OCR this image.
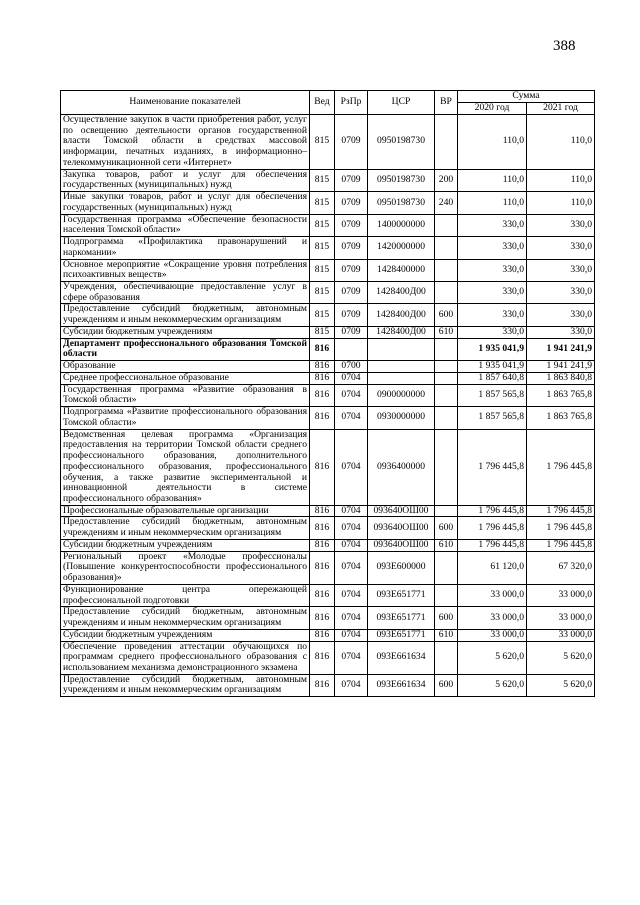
388
Наименование показателей	Вед	РзПр	ЦСР	ВР	Сумма	
					2020 год	2021 год
Осуществление закупок в части приобретения работ, услуг по освещению деятельности органов государственной власти Томской области в средствах массовой информации, печатных изданиях, в информационно–телекоммуникационной сети «Интернет»	815	0709	0950198730		110,0	110,0
Закупка товаров, работ и услуг для обеспечения государственных (муниципальных) нужд	815	0709	0950198730	200	110,0	110,0
Иные закупки товаров, работ и услуг для обеспечения государственных (муниципальных) нужд	815	0709	0950198730	240	110,0	110,0
Государственная программа «Обеспечение безопасности населения Томской области»	815	0709	1400000000		330,0	330,0
Подпрограмма «Профилактика правонарушений и наркомании»	815	0709	1420000000		330,0	330,0
Основное мероприятие «Сокращение уровня потребления психоактивных веществ»	815	0709	1428400000		330,0	330,0
Учреждения, обеспечивающие предоставление услуг в сфере образования	815	0709	1428400Д00		330,0	330,0
Предоставление субсидий бюджетным, автономным учреждениям и иным некоммерческим организациям	815	0709	1428400Д00	600	330,0	330,0
Субсидии бюджетным учреждениям	815	0709	1428400Д00	610	330,0	330,0
Департамент профессионального образования Томской области	816				1 935 041,9	1 941 241,9
Образование	816	0700			1 935 041,9	1 941 241,9
Среднее профессиональное образование	816	0704			1 857 640,8	1 863 840,8
Государственная программа «Развитие образования в Томской области»	816	0704	0900000000		1 857 565,8	1 863 765,8
Подпрограмма «Развитие профессионального образования Томской области»	816	0704	0930000000		1 857 565,8	1 863 765,8
Ведомственная целевая программа «Организация предоставления на территории Томской области среднего профессионального образования, дополнительного профессионального образования, профессионального обучения, а также развитие экспериментальной и инновационной деятельности в системе профессионального образования»	816	0704	0936400000		1 796 445,8	1 796 445,8
Профессиональные образовательные организации	816	0704	093640ОШ00		1 796 445,8	1 796 445,8
Предоставление субсидий бюджетным, автономным учреждениям и иным некоммерческим организациям	816	0704	093640ОШ00	600	1 796 445,8	1 796 445,8
Субсидии бюджетным учреждениям	816	0704	093640ОШ00	610	1 796 445,8	1 796 445,8
Региональный проект «Молодые профессионалы (Повышение конкурентоспособности профессионального образования)»	816	0704	093E600000		61 120,0	67 320,0
Функционирование центра опережающей профессиональной подготовки	816	0704	093E651771		33 000,0	33 000,0
Предоставление субсидий бюджетным, автономным учреждениям и иным некоммерческим организациям	816	0704	093E651771	600	33 000,0	33 000,0
Субсидии бюджетным учреждениям	816	0704	093E651771	610	33 000,0	33 000,0
Обеспечение проведения аттестации обучающихся по программам среднего профессионального образования с использованием механизма демонстрационного экзамена	816	0704	093E661634		5 620,0	5 620,0
Предоставление субсидий бюджетным, автономным учреждениям и иным некоммерческим организациям	816	0704	093E661634	600	5 620,0	5 620,0
